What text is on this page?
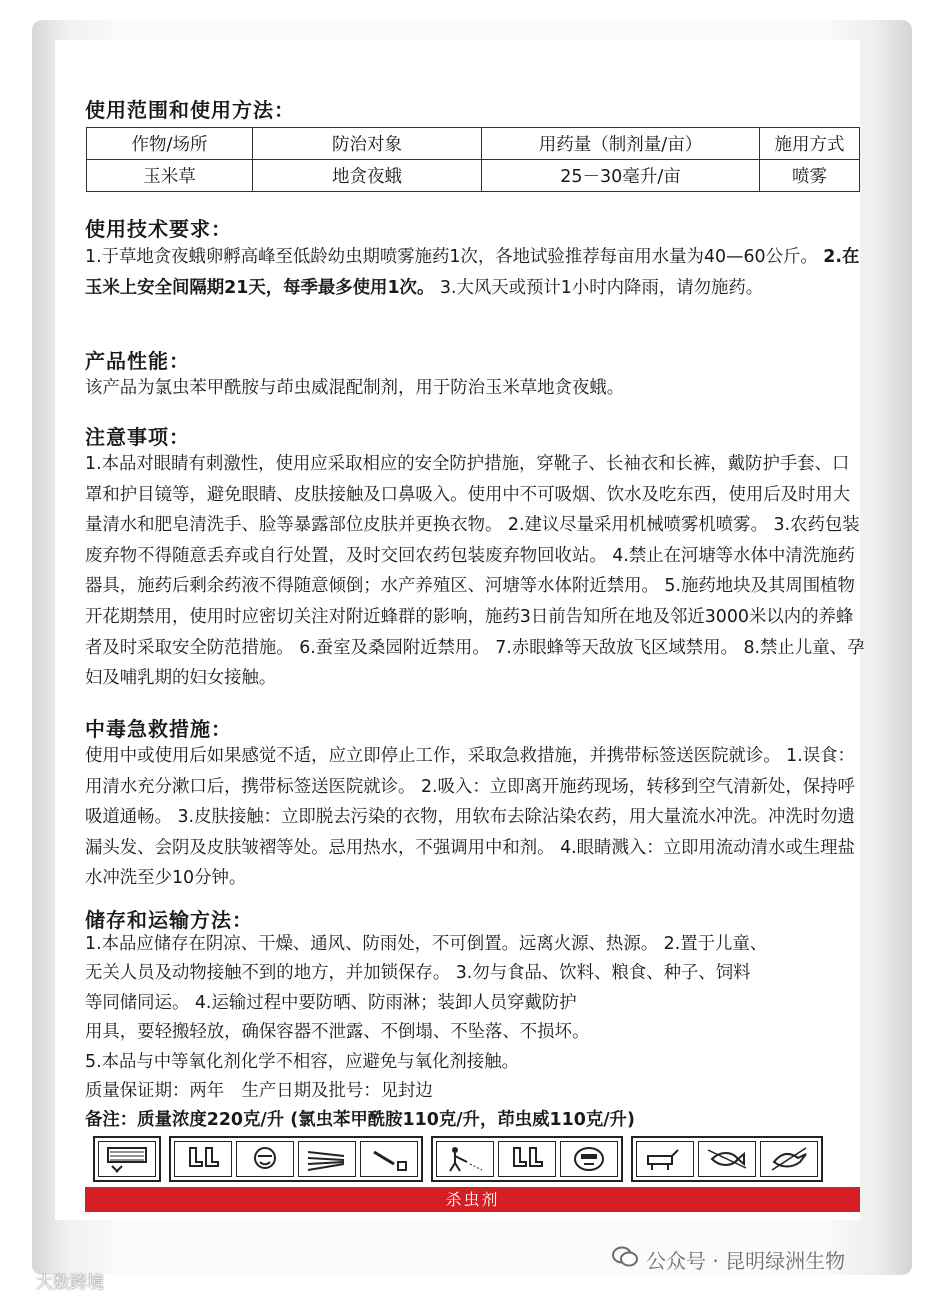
使用范围和使用方法：
作物/场所	防治对象	用药量（制剂量/亩）	施用方式
玉米草	地贪夜蛾	25－30毫升/亩	喷雾
使用技术要求：

1.于草地贪夜蛾卵孵高峰至低龄幼虫期喷雾施药1次，各地试验推荐每亩用水量为40—60公斤。 2.在玉米上安全间隔期21天，每季最多使用1次。 3.大风天或预计1小时内降雨，请勿施药。

产品性能：

该产品为氯虫苯甲酰胺与茚虫威混配制剂，用于防治玉米草地贪夜蛾。

注意事项：

1.本品对眼睛有刺激性，使用应采取相应的安全防护措施，穿靴子、长袖衣和长裤，戴防护手套、口罩和护目镜等，避免眼睛、皮肤接触及口鼻吸入。使用中不可吸烟、饮水及吃东西，使用后及时用大量清水和肥皂清洗手、脸等暴露部位皮肤并更换衣物。 2.建议尽量采用机械喷雾机喷雾。 3.农药包装废弃物不得随意丢弃或自行处置，及时交回农药包装废弃物回收站。 4.禁止在河塘等水体中清洗施药器具，施药后剩余药液不得随意倾倒；水产养殖区、河塘等水体附近禁用。 5.施药地块及其周围植物开花期禁用，使用时应密切关注对附近蜂群的影响，施药3日前告知所在地及邻近3000米以内的养蜂者及时采取安全防范措施。 6.蚕室及桑园附近禁用。 7.赤眼蜂等天敌放飞区域禁用。 8.禁止儿童、孕妇及哺乳期的妇女接触。

中毒急救措施：

使用中或使用后如果感觉不适，应立即停止工作，采取急救措施，并携带标签送医院就诊。 1.误食：用清水充分漱口后，携带标签送医院就诊。 2.吸入：立即离开施药现场，转移到空气清新处，保持呼吸道通畅。 3.皮肤接触：立即脱去污染的衣物，用软布去除沾染农药，用大量流水冲洗。冲洗时勿遗漏头发、会阴及皮肤皱褶等处。忌用热水，不强调用中和剂。 4.眼睛溅入：立即用流动清水或生理盐水冲洗至少10分钟。

储存和运输方法：
1.本品应储存在阴凉、干燥、通风、防雨处，不可倒置。远离火源、热源。 2.置于儿童、
无关人员及动物接触不到的地方，并加锁保存。 3.勿与食品、饮料、粮食、种子、饲料
等同储同运。 4.运输过程中要防晒、防雨淋；装卸人员穿戴防护
用具，要轻搬轻放，确保容器不泄露、不倒塌、不坠落、不损坏。
5.本品与中等氧化剂化学不相容，应避免与氧化剂接触。
质量保证期：两年　生产日期及批号：见封边
备注：质量浓度220克/升 (氯虫苯甲酰胺110克/升，茚虫威110克/升)
杀虫剂
公众号 · 昆明绿洲生物
大数跨境
